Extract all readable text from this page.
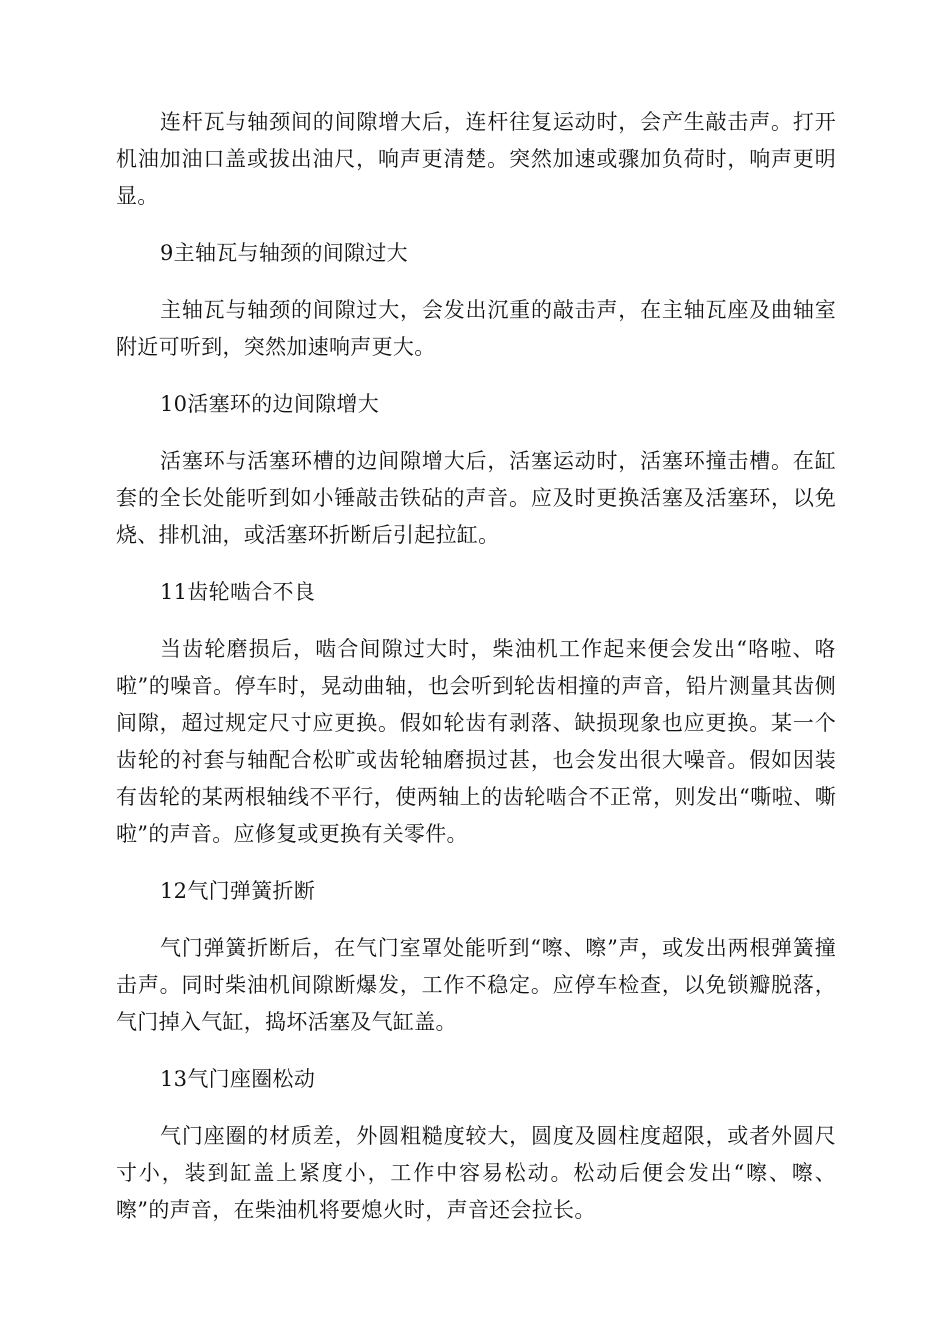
连杆瓦与轴颈间的间隙增大后，连杆往复运动时，会产生敲击声。打开机油加油口盖或拔出油尺，响声更清楚。突然加速或骤加负荷时，响声更明显。

9主轴瓦与轴颈的间隙过大

主轴瓦与轴颈的间隙过大，会发出沉重的敲击声，在主轴瓦座及曲轴室附近可听到，突然加速响声更大。

10活塞环的边间隙增大

活塞环与活塞环槽的边间隙增大后，活塞运动时，活塞环撞击槽。在缸套的全长处能听到如小锤敲击铁砧的声音。应及时更换活塞及活塞环，以免烧、排机油，或活塞环折断后引起拉缸。

11齿轮啮合不良

当齿轮磨损后，啮合间隙过大时，柴油机工作起来便会发出“咯啦、咯啦”的噪音。停车时，晃动曲轴，也会听到轮齿相撞的声音，铅片测量其齿侧间隙，超过规定尺寸应更换。假如轮齿有剥落、缺损现象也应更换。某一个齿轮的衬套与轴配合松旷或齿轮轴磨损过甚，也会发出很大噪音。假如因装有齿轮的某两根轴线不平行，使两轴上的齿轮啮合不正常，则发出“嘶啦、嘶啦”的声音。应修复或更换有关零件。

12气门弹簧折断

气门弹簧折断后，在气门室罩处能听到“嚓、嚓”声，或发出两根弹簧撞击声。同时柴油机间隙断爆发，工作不稳定。应停车检查，以免锁瓣脱落，气门掉入气缸，捣坏活塞及气缸盖。

13气门座圈松动

气门座圈的材质差，外圆粗糙度较大，圆度及圆柱度超限，或者外圆尺寸小，装到缸盖上紧度小，工作中容易松动。松动后便会发出“嚓、嚓、嚓”的声音，在柴油机将要熄火时，声音还会拉长。
